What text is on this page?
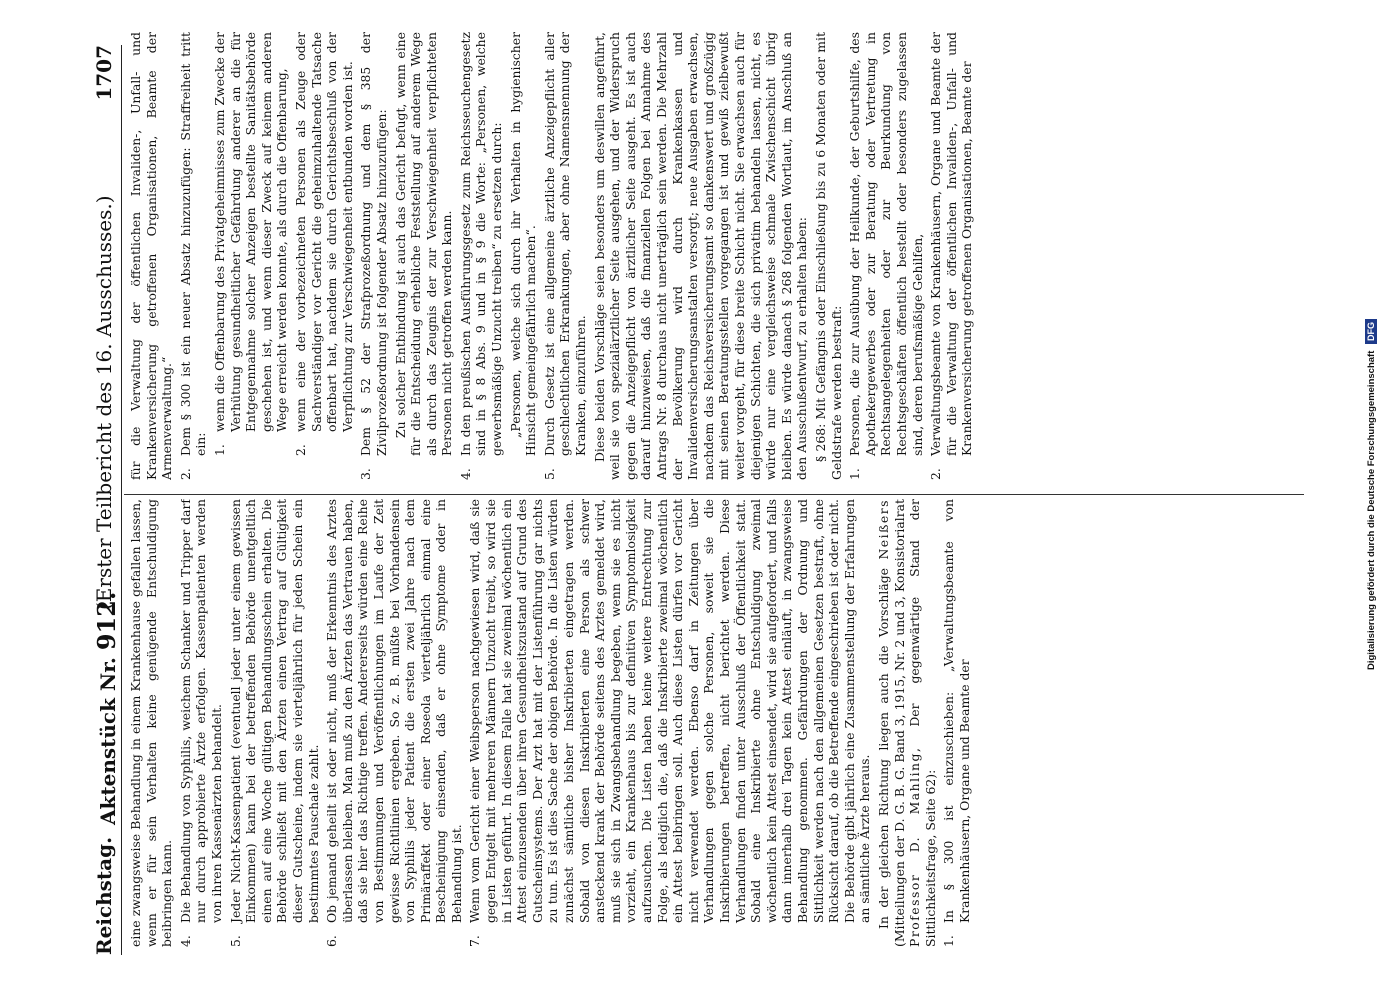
Reichstag.
Aktenstück Nr. 912.
(Erster Teilbericht des 16. Ausschusses.)
1707

eine zwangsweise Behandlung in einem Krankenhause gefallen lassen, wenn er für sein Verhalten keine genügende Entschuldigung beibringen kann. 4.Die Behandlung von Syphilis, weichem Schanker und Tripper darf nur durch approbierte Ärzte erfolgen. Kassenpatienten werden von ihren Kassenärzten behandelt.
5.Jeder Nicht-Kassenpatient (eventuell jeder unter einem gewissen Einkommen) kann bei der betreffenden Behörde unentgeltlich einen auf eine Woche gültigen Behandlungsschein erhalten. Die Behörde schließt mit den Ärzten einen Vertrag auf Gültigkeit dieser Gutscheine, indem sie vierteljährlich für jeden Schein ein bestimmtes Pauschale zahlt.
6.Ob jemand geheilt ist oder nicht, muß der Erkenntnis des Arztes überlassen bleiben. Man muß zu den Ärzten das Vertrauen haben, daß sie hier das Richtige treffen. Andererseits würden eine Reihe von Bestimmungen und Veröffentlichungen im Laufe der Zeit gewisse Richtlinien ergeben. So z. B. müßte bei Vorhandensein von Syphilis jeder Patient die ersten zwei Jahre nach dem Primäraffekt oder einer Roseola vierteljährlich einmal eine Bescheinigung einsenden, daß er ohne Symptome oder in Behandlung ist.
7.Wenn vom Gericht einer Weibsperson nachgewiesen wird, daß sie gegen Entgelt mit mehreren Männern Unzucht treibt, so wird sie in Listen geführt. In diesem Falle hat sie zweimal wöchentlich ein Attest einzusenden über ihren Gesundheitszustand auf Grund des Gutscheinsystems. Der Arzt hat mit der Listenführung gar nichts zu tun. Es ist dies Sache der obigen Behörde. In die Listen würden zunächst sämtliche bisher Inskribierten eingetragen werden. Sobald von diesen Inskribierten eine Person als schwer ansteckend krank der Behörde seitens des Arztes gemeldet wird, muß sie sich in Zwangsbehandlung begeben, wenn sie es nicht vorzieht, ein Krankenhaus bis zur definitiven Symptomlosigkeit aufzusuchen. Die Listen haben keine weitere Entrechtung zur Folge, als lediglich die, daß die Inskribierte zweimal wöchentlich ein Attest beibringen soll. Auch diese Listen dürfen vor Gericht nicht verwendet werden. Ebenso darf in Zeitungen über Verhandlungen gegen solche Personen, soweit sie die Inskribierungen betreffen, nicht berichtet werden. Diese Verhandlungen finden unter Ausschluß der Öffentlichkeit statt. Sobald eine Inskribierte ohne Entschuldigung zweimal wöchentlich kein Attest einsendet, wird sie aufgefordert, und falls dann innerhalb drei Tagen kein Attest einläuft, in zwangsweise Behandlung genommen. Gefährdungen der Ordnung und Sittlichkeit werden nach den allgemeinen Gesetzen bestraft, ohne Rücksicht darauf, ob die Betreffende eingeschrieben ist oder nicht. Die Behörde gibt jährlich eine Zusammenstellung der Erfahrungen an sämtliche Ärzte heraus. In der gleichen Richtung liegen auch die Vorschläge Neißers (Mitteilungen der D. G. B. G. Band 3, 1915, Nr. 2 und 3, Konsistorialrat Professor D. Mahling, Der gegenwärtige Stand der Sittlichkeitsfrage, Seite 62): 1.In § 300 ist einzuschieben: „Verwaltungsbeamte von Krankenhäusern, Organe und Beamte der

für die Verwaltung der öffentlichen Invaliden-, Unfall- und Krankenversicherung getroffenen Organisationen, Beamte der Armenverwaltung.“ 2.Dem § 300 ist ein neuer Absatz hinzuzufügen: Straffreiheit tritt ein: 1.wenn die Offenbarung des Privatgeheimnisses zum Zwecke der Verhütung gesundheitlicher Gefährdung anderer an die für Entgegennahme solcher Anzeigen bestellte Sanitätsbehörde geschehen ist, und wenn dieser Zweck auf keinem anderen Wege erreicht werden konnte, als durch die Offenbarung,
2.wenn eine der vorbezeichneten Personen als Zeuge oder Sachverständiger vor Gericht die geheimzuhaltende Tatsache offenbart hat, nachdem sie durch Gerichtsbeschluß von der Verpflichtung zur Verschwiegenheit entbunden worden ist.
3.Dem § 52 der Strafprozeßordnung und dem § 385 der Zivilprozeßordnung ist folgender Absatz hinzuzufügen: Zu solcher Entbindung ist auch das Gericht befugt, wenn eine für die Entscheidung erhebliche Feststellung auf anderem Wege als durch das Zeugnis der zur Verschwiegenheit verpflichteten Personen nicht getroffen werden kann.

4.In den preußischen Ausführungsgesetz zum Reichsseuchengesetz sind in § 8 Abs. 9 und in § 9 die Worte: „Personen, welche gewerbsmäßige Unzucht treiben“ zu ersetzen durch: „Personen, welche sich durch ihr Verhalten in hygienischer Hinsicht gemeingefährlich machen“.

5.Durch Gesetz ist eine allgemeine ärztliche Anzeigepflicht aller geschlechtlichen Erkrankungen, aber ohne Namensnennung der Kranken, einzuführen. Diese beiden Vorschläge seien besonders um deswillen angeführt, weil sie von spezialärztlicher Seite ausgehen, und der Widerspruch gegen die Anzeigepflicht von ärztlicher Seite ausgeht. Es ist auch darauf hinzuweisen, daß die finanziellen Folgen bei Annahme des Antrags Nr. 8 durchaus nicht unerträglich sein werden. Die Mehrzahl der Bevölkerung wird durch Krankenkassen und Invalidenversicherungsanstalten versorgt; neue Ausgaben erwachsen, nachdem das Reichsversicherungsamt so dankenswert und großzügig mit seinen Beratungsstellen vorgegangen ist und gewiß zielbewußt weiter vorgeht, für diese breite Schicht nicht. Sie erwachsen auch für diejenigen Schichten, die sich privatim behandeln lassen, nicht, es würde nur eine vergleichsweise schmale Zwischenschicht übrig bleiben. Es würde danach § 268 folgenden Wortlaut, im Anschluß an den Ausschußentwurf, zu erhalten haben: § 268: Mit Gefängnis oder Einschließung bis zu 6 Monaten oder mit Geldstrafe werden bestraft: 1.Personen, die zur Ausübung der Heilkunde, der Geburtshilfe, des Apothekergewerbes oder zur Beratung oder Vertretung in Rechtsangelegenheiten oder zur Beurkundung von Rechtsgeschäften öffentlich bestellt oder besonders zugelassen sind, deren berufsmäßige Gehilfen,
2.Verwaltungsbeamte von Krankenhäusern, Organe und Beamte der für die Verwaltung der öffentlichen Invaliden-, Unfall- und Krankenversicherung getroffenen Organisationen, Beamte der
Digitalisierung gefördert durch die Deutsche Forschungsgemeinschaft DFG
